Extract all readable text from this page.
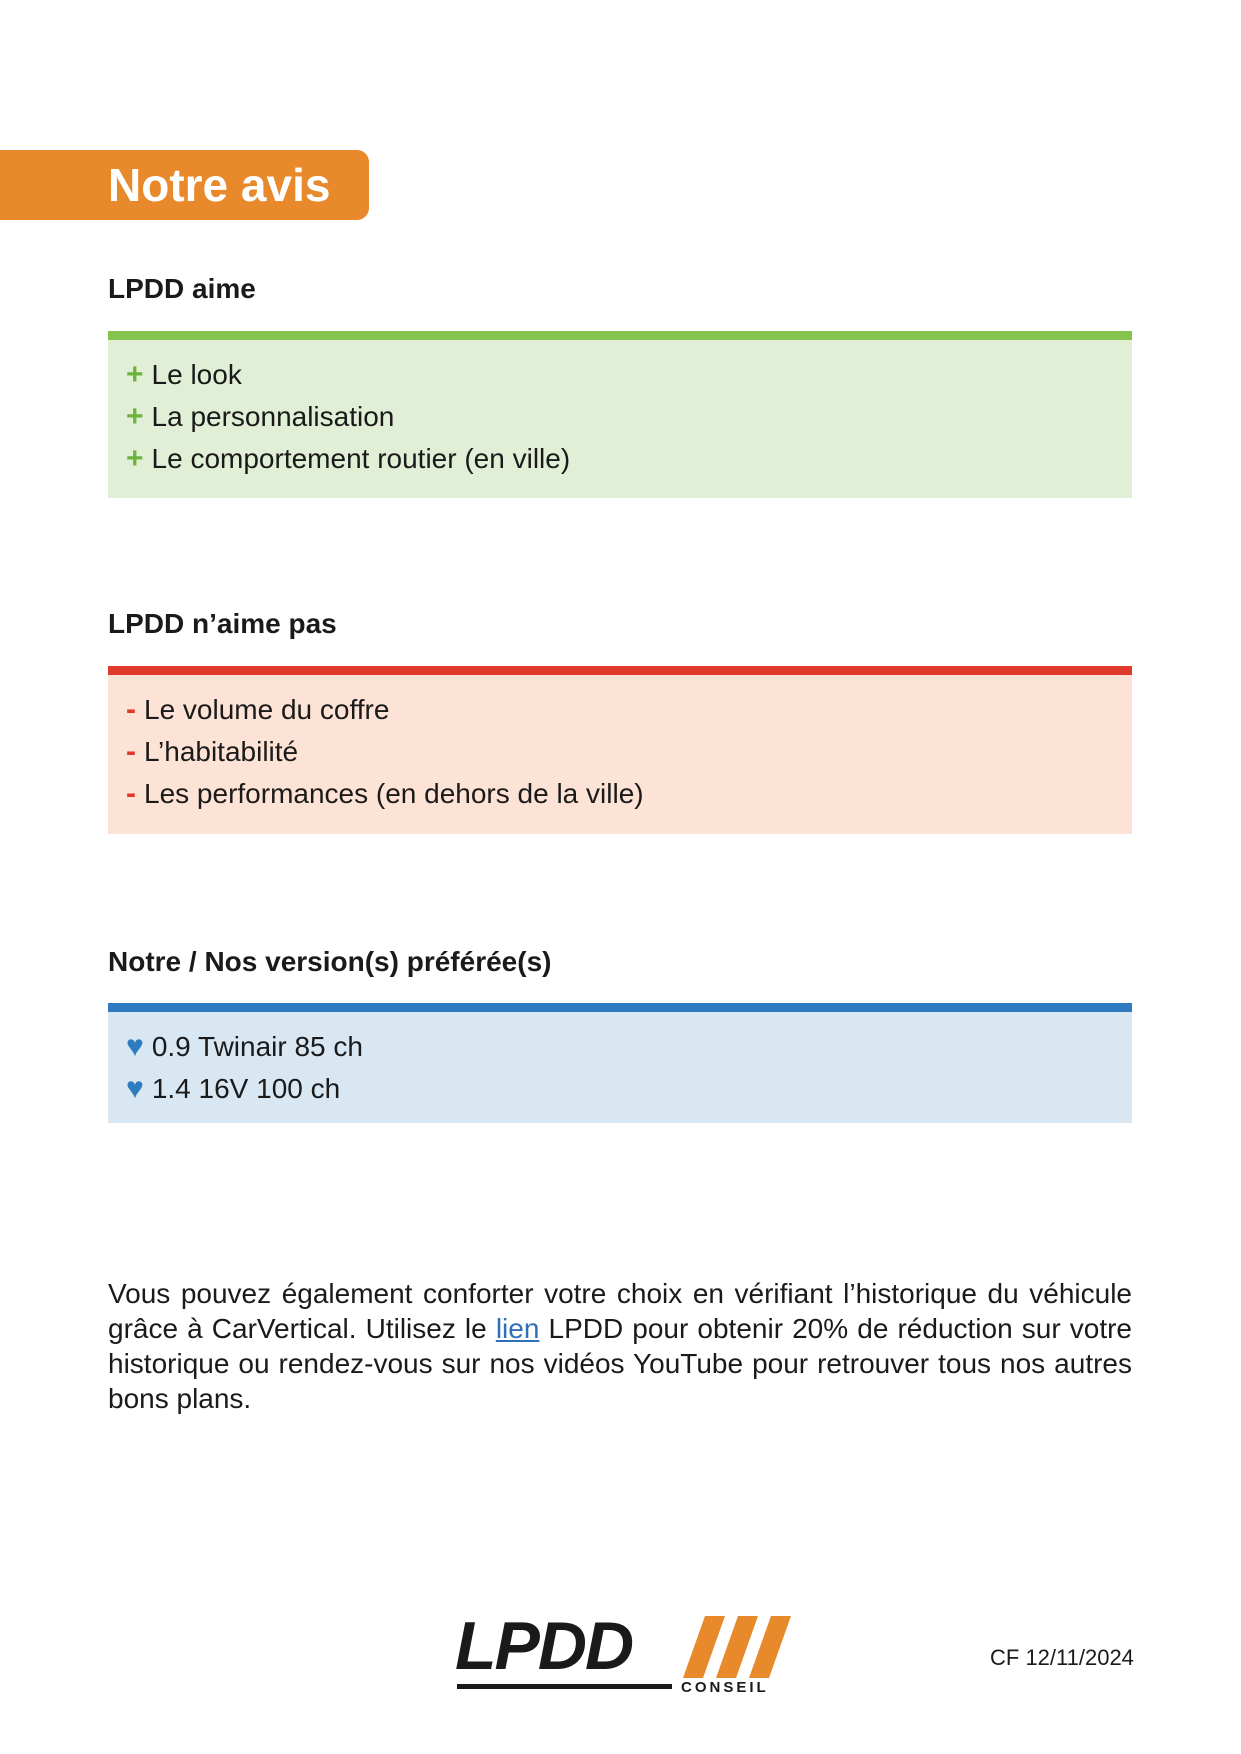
Notre avis
LPDD aime
+ Le look
+ La personnalisation
+ Le comportement routier (en ville)
LPDD n’aime pas
- Le volume du coffre
- L’habitabilité
- Les performances (en dehors de la ville)
Notre / Nos version(s) préférée(s)
♥ 0.9 Twinair 85 ch
♥ 1.4 16V 100 ch
Vous pouvez également conforter votre choix en vérifiant l’historique du véhicule grâce à CarVertical. Utilisez le lien LPDD pour obtenir 20% de réduction sur votre historique ou rendez-vous sur nos vidéos YouTube pour retrouver tous nos autres bons plans.
LPDD
CONSEIL
CF 12/11/2024
